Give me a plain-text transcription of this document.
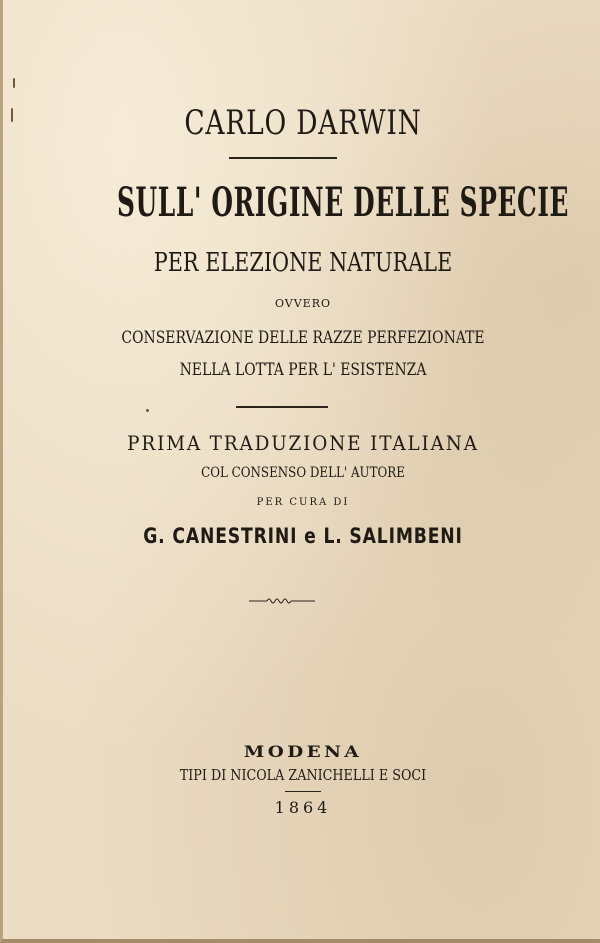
CARLO DARWIN
SULL' ORIGINE DELLE SPECIE
PER ELEZIONE NATURALE
OVVERO
CONSERVAZIONE DELLE RAZZE PERFEZIONATE
NELLA LOTTA PER L' ESISTENZA
PRIMA TRADUZIONE ITALIANA
COL CONSENSO DELL' AUTORE
PER CURA DI
G. CANESTRINI e L. SALIMBENI
MODENA
TIPI DI NICOLA ZANICHELLI E SOCI
1864
